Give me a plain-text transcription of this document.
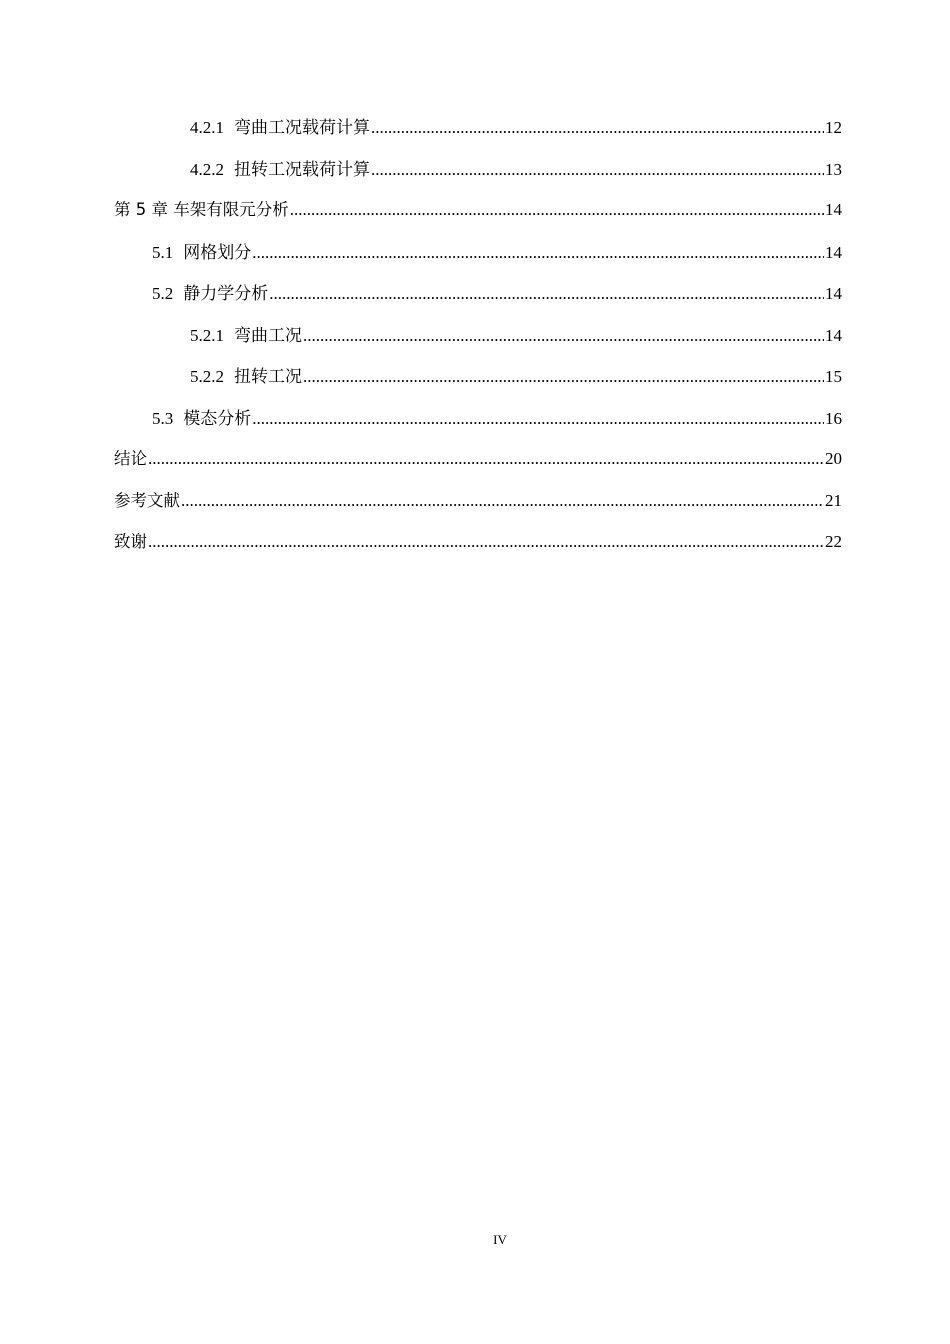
4.2.1 弯曲工况载荷计算 .....	12
4.2.2 扭转工况载荷计算 .....	13
第 5 章 车架有限元分析 .....	14
5.1 网格划分 .....	14
5.2 静力学分析 .....	14
5.2.1 弯曲工况 .....	14
5.2.2 扭转工况 .....	15
5.3 模态分析 .....	16
结论 .....	20
参考文献 .....	21
致谢 .....	22
IV
